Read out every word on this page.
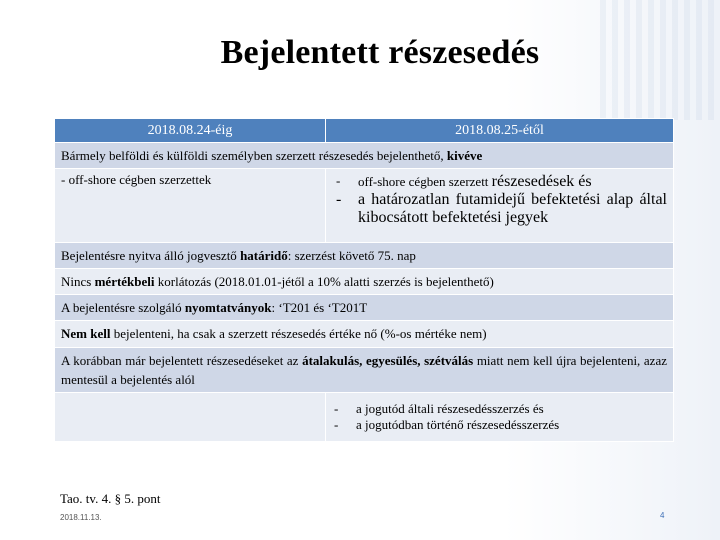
Bejelentett részesedés
2018.08.24-éig	2018.08.25-étől
Bármely belföldi és külföldi személyben szerzett részesedés bejelenthető, kivéve	
- off-shore cégben szerzettek	- off-shore cégben szerzett részesedések és
- a határozatlan futamidejű befektetési alap által kibocsátott befektetési jegyek

Bejelentésre nyitva álló jogvesztő határidő: szerzést követő 75. nap	
Nincs mértékbeli korlátozás (2018.01.01-jétől a 10% alatti szerzés is bejelenthető)	
A bejelentésre szolgáló nyomtatványok: ‘T201 és ‘T201T	
Nem kell bejelenteni, ha csak a szerzett részesedés értéke nő (%-os mértéke nem)	
A korábban már bejelentett részesedéseket az átalakulás, egyesülés, szétválás miatt nem kell újra bejelenteni, azaz mentesül a bejelentés alól	

	- a jogutód általi részesedésszerzés és
- a jogutódban történő részesedésszerzés
Tao. tv. 4. § 5. pont
2018.11.13.	4
